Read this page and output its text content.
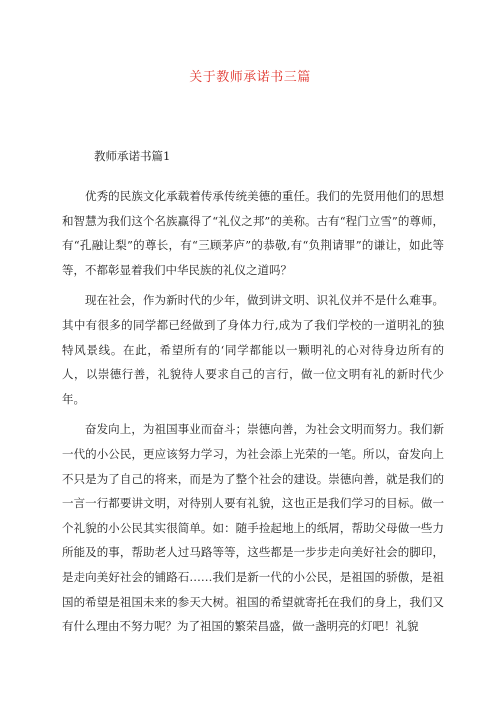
关于教师承诺书三篇
教师承诺书篇1

优秀的民族文化承载着传承传统美德的重任。我们的先贤用他们的思想和智慧为我们这个名族赢得了“礼仪之邦”的美称。古有“程门立雪”的尊师，有“孔融让梨”的尊长，有“三顾茅庐”的恭敬,有“负荆请罪”的谦让，如此等等，不都彰显着我们中华民族的礼仪之道吗？

现在社会，作为新时代的少年，做到讲文明、识礼仪并不是什么难事。其中有很多的同学都已经做到了身体力行,成为了我们学校的一道明礼的独特风景线。在此，希望所有的‘同学都能以一颗明礼的心对待身边所有的人，以崇德行善，礼貌待人要求自己的言行，做一位文明有礼的新时代少年。

奋发向上，为祖国事业而奋斗；崇德向善，为社会文明而努力。我们新一代的小公民，更应该努力学习，为社会添上光荣的一笔。所以，奋发向上不只是为了自己的将来，而是为了整个社会的建设。崇德向善，就是我们的一言一行都要讲文明，对待别人要有礼貌，这也正是我们学习的目标。做一个礼貌的小公民其实很简单。如：随手捡起地上的纸屑，帮助父母做一些力所能及的事，帮助老人过马路等等，这些都是一步步走向美好社会的脚印，是走向美好社会的铺路石……我们是新一代的小公民，是祖国的骄傲，是祖国的希望是祖国未来的参天大树。祖国的希望就寄托在我们的身上，我们又有什么理由不努力呢？为了祖国的繁荣昌盛，做一盏明亮的灯吧！礼貌
